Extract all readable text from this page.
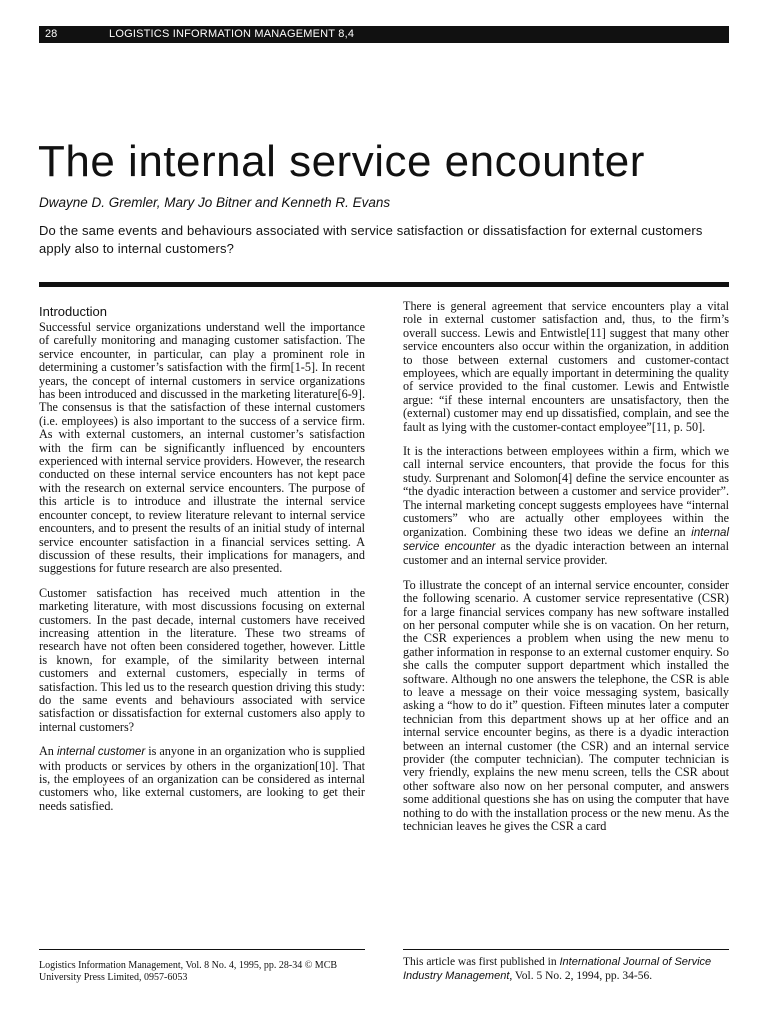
28	LOGISTICS INFORMATION MANAGEMENT 8,4
The internal service encounter
Dwayne D. Gremler, Mary Jo Bitner and Kenneth R. Evans
Do the same events and behaviours associated with service satisfaction or dissatisfaction for external customers apply also to internal customers?
Introduction

Successful service organizations understand well the importance of carefully monitoring and managing customer satisfaction. The service encounter, in particular, can play a prominent role in determining a customer’s satisfaction with the firm[1-5]. In recent years, the concept of internal customers in service organizations has been introduced and discussed in the marketing literature[6-9]. The consensus is that the satisfaction of these internal customers (i.e. employees) is also important to the success of a service firm. As with external customers, an internal customer’s satisfaction with the firm can be significantly influenced by encounters experienced with internal service providers. However, the research conducted on these internal service encounters has not kept pace with the research on external service encounters. The purpose of this article is to introduce and illustrate the internal service encounter concept, to review literature relevant to internal service encounters, and to present the results of an initial study of internal service encounter satisfaction in a financial services setting. A discussion of these results, their implications for managers, and suggestions for future research are also presented.

Customer satisfaction has received much attention in the marketing literature, with most discussions focusing on external customers. In the past decade, internal customers have received increasing attention in the literature. These two streams of research have not often been considered together, however. Little is known, for example, of the similarity between internal customers and external customers, especially in terms of satisfaction. This led us to the research question driving this study: do the same events and behaviours associated with service satisfaction or dissatisfaction for external customers also apply to internal customers?

An internal customer is anyone in an organization who is supplied with products or services by others in the organization[10]. That is, the employees of an organization can be considered as internal customers who, like external customers, are looking to get their needs satisfied.

There is general agreement that service encounters play a vital role in external customer satisfaction and, thus, to the firm’s overall success. Lewis and Entwistle[11] suggest that many other service encounters also occur within the organization, in addition to those between external customers and customer-contact employees, which are equally important in determining the quality of service provided to the final customer. Lewis and Entwistle argue: “if these internal encounters are unsatisfactory, then the (external) customer may end up dissatisfied, complain, and see the fault as lying with the customer-contact employee”[11, p. 50].

It is the interactions between employees within a firm, which we call internal service encounters, that provide the focus for this study. Surprenant and Solomon[4] define the service encounter as “the dyadic interaction between a customer and service provider”. The internal marketing concept suggests employees have “internal customers” who are actually other employees within the organization. Combining these two ideas we define an internal service encounter as the dyadic interaction between an internal customer and an internal service provider.

To illustrate the concept of an internal service encounter, consider the following scenario. A customer service representative (CSR) for a large financial services company has new software installed on her personal computer while she is on vacation. On her return, the CSR experiences a problem when using the new menu to gather information in response to an external customer enquiry. So she calls the computer support department which installed the software. Although no one answers the telephone, the CSR is able to leave a message on their voice messaging system, basically asking a “how to do it” question. Fifteen minutes later a computer technician from this department shows up at her office and an internal service encounter begins, as there is a dyadic interaction between an internal customer (the CSR) and an internal service provider (the computer technician). The computer technician is very friendly, explains the new menu screen, tells the CSR about other software also now on her personal computer, and answers some additional questions she has on using the computer that have nothing to do with the installation process or the new menu. As the technician leaves he gives the CSR a card

Logistics Information Management, Vol. 8 No. 4, 1995, pp. 28-34 © MCB University Press Limited, 0957-6053
This article was first published in International Journal of Service Industry Management, Vol. 5 No. 2, 1994, pp. 34-56.
